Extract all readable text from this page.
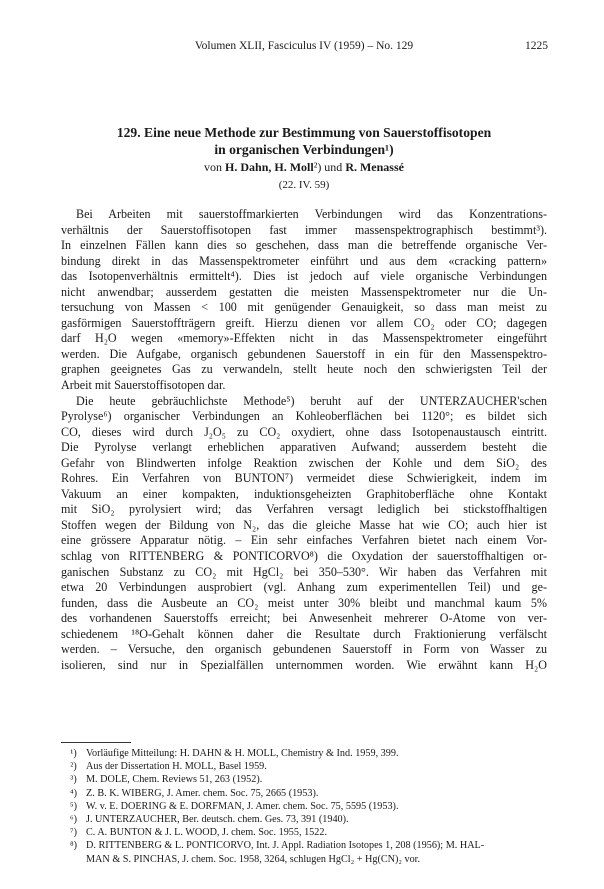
Volumen XLII, Fasciculus IV (1959) – No. 129	1225
129. Eine neue Methode zur Bestimmung von Sauerstoffisotopen
in organischen Verbindungen¹)
von H. Dahn, H. Moll²) und R. Menassé
(22. IV. 59)
Bei Arbeiten mit sauerstoffmarkierten Verbindungen wird das Konzentrations-
verhältnis der Sauerstoffisotopen fast immer massenspektrographisch bestimmt³).
In einzelnen Fällen kann dies so geschehen, dass man die betreffende organische Ver-
bindung direkt in das Massenspektrometer einführt und aus dem «cracking pattern»
das Isotopenverhältnis ermittelt⁴). Dies ist jedoch auf viele organische Verbindungen
nicht anwendbar; ausserdem gestatten die meisten Massenspektrometer nur die Un-
tersuchung von Massen < 100 mit genügender Genauigkeit, so dass man meist zu
gasförmigen Sauerstoffträgern greift. Hierzu dienen vor allem CO₂ oder CO; dagegen
darf H₂O wegen «memory»-Effekten nicht in das Massenspektrometer eingeführt
werden. Die Aufgabe, organisch gebundenen Sauerstoff in ein für den Massenspektro-
graphen geeignetes Gas zu verwandeln, stellt heute noch den schwierigsten Teil der
Arbeit mit Sauerstoffisotopen dar.
Die heute gebräuchlichste Methode⁵) beruht auf der UNTERZAUCHER'schen
Pyrolyse⁶) organischer Verbindungen an Kohleoberflächen bei 1120°; es bildet sich
CO, dieses wird durch J₂O₅ zu CO₂ oxydiert, ohne dass Isotopenaustausch eintritt.
Die Pyrolyse verlangt erheblichen apparativen Aufwand; ausserdem besteht die
Gefahr von Blindwerten infolge Reaktion zwischen der Kohle und dem SiO₂ des
Rohres. Ein Verfahren von BUNTON⁷) vermeidet diese Schwierigkeit, indem im
Vakuum an einer kompakten, induktionsgeheizten Graphitoberfläche ohne Kontakt
mit SiO₂ pyrolysiert wird; das Verfahren versagt lediglich bei stickstoffhaltigen
Stoffen wegen der Bildung von N₂, das die gleiche Masse hat wie CO; auch hier ist
eine grössere Apparatur nötig. – Ein sehr einfaches Verfahren bietet nach einem Vor-
schlag von RITTENBERG & PONTICORVO⁸) die Oxydation der sauerstoffhaltigen or-
ganischen Substanz zu CO₂ mit HgCl₂ bei 350–530°. Wir haben das Verfahren mit
etwa 20 Verbindungen ausprobiert (vgl. Anhang zum experimentellen Teil) und ge-
funden, dass die Ausbeute an CO₂ meist unter 30% bleibt und manchmal kaum 5%
des vorhandenen Sauerstoffs erreicht; bei Anwesenheit mehrerer O-Atome von ver-
schiedenem ¹⁸O-Gehalt können daher die Resultate durch Fraktionierung verfälscht
werden. – Versuche, den organisch gebundenen Sauerstoff in Form von Wasser zu
isolieren, sind nur in Spezialfällen unternommen worden. Wie erwähnt kann H₂O
¹) Vorläufige Mitteilung: H. DAHN & H. MOLL, Chemistry & Ind. 1959, 399.
²) Aus der Dissertation H. MOLL, Basel 1959.
³) M. DOLE, Chem. Reviews 51, 263 (1952).
⁴) Z. B. K. WIBERG, J. Amer. chem. Soc. 75, 2665 (1953).
⁵) W. v. E. DOERING & E. DORFMAN, J. Amer. chem. Soc. 75, 5595 (1953).
⁶) J. UNTERZAUCHER, Ber. deutsch. chem. Ges. 73, 391 (1940).
⁷) C. A. BUNTON & J. L. WOOD, J. chem. Soc. 1955, 1522.
⁸) D. RITTENBERG & L. PONTICORVO, Int. J. Appl. Radiation Isotopes 1, 208 (1956); M. HAL-
MAN & S. PINCHAS, J. chem. Soc. 1958, 3264, schlugen HgCl₂ + Hg(CN)₂ vor.
